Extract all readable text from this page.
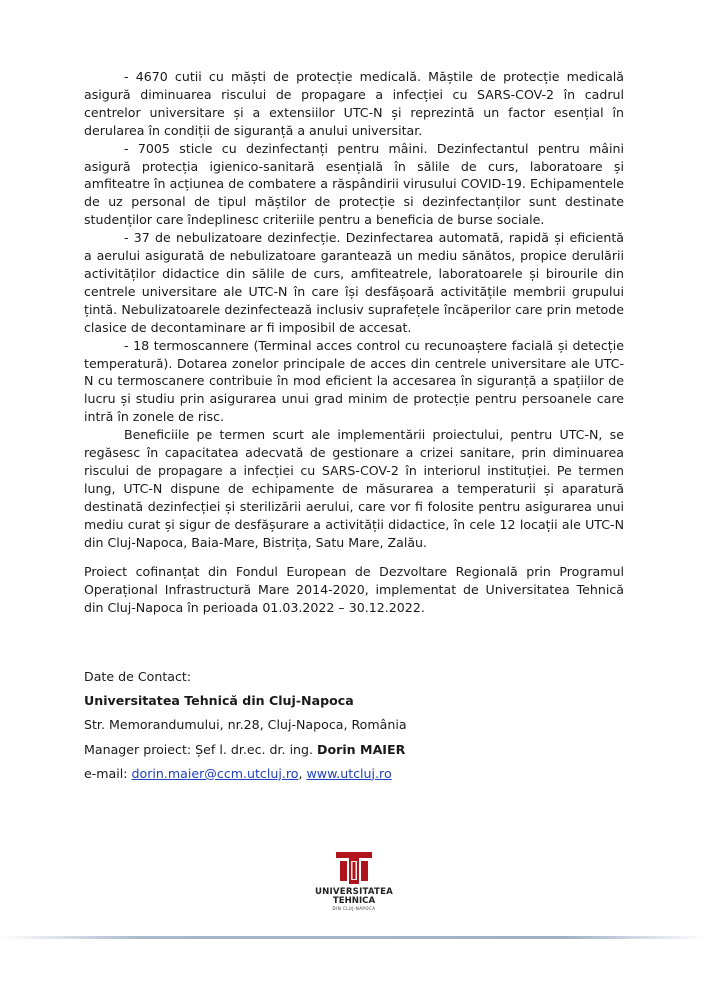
- 4670 cutii cu măști de protecție medicală. Măștile de protecție medicală asigură diminuarea riscului de propagare a infecției cu SARS-COV-2 în cadrul centrelor universitare și a extensiilor UTC-N și reprezintă un factor esențial în derularea în condiții de siguranță a anului universitar.

- 7005 sticle cu dezinfectanți pentru mâini. Dezinfectantul pentru mâini asigură protecția igienico-sanitară esențială în sălile de curs, laboratoare și amfiteatre în acțiunea de combatere a răspândirii virusului COVID-19. Echipamentele de uz personal de tipul măștilor de protecție si dezinfectanților sunt destinate studenților care îndeplinesc criteriile pentru a beneficia de burse sociale.

- 37 de nebulizatoare dezinfecție. Dezinfectarea automată, rapidă și eficientă a aerului asigurată de nebulizatoare garantează un mediu sănătos, propice derulării activităților didactice din sălile de curs, amfiteatrele, laboratoarele și birourile din centrele universitare ale UTC-N în care își desfășoară activitățile membrii grupului țintă. Nebulizatoarele dezinfectează inclusiv suprafețele încăperilor care prin metode clasice de decontaminare ar fi imposibil de accesat.

- 18 termoscannere (Terminal acces control cu recunoaștere facială și detecție temperatură). Dotarea zonelor principale de acces din centrele universitare ale UTC-N cu termoscanere contribuie în mod eficient la accesarea în siguranță a spațiilor de lucru și studiu prin asigurarea unui grad minim de protecție pentru persoanele care intră în zonele de risc.

Beneficiile pe termen scurt ale implementării proiectului, pentru UTC-N, se regăsesc în capacitatea adecvată de gestionare a crizei sanitare, prin diminuarea riscului de propagare a infecției cu SARS-COV-2 în interiorul instituției. Pe termen lung, UTC-N dispune de echipamente de măsurarea a temperaturii și aparatură destinată dezinfecției și sterilizării aerului, care vor fi folosite pentru asigurarea unui mediu curat și sigur de desfășurare a activității didactice, în cele 12 locații ale UTC-N din Cluj-Napoca, Baia-Mare, Bistrița, Satu Mare, Zalău.

Proiect cofinanțat din Fondul European de Dezvoltare Regională prin Programul Operațional Infrastructură Mare 2014-2020, implementat de Universitatea Tehnică din Cluj-Napoca în perioada 01.03.2022 – 30.12.2022.

Date de Contact:
Universitatea Tehnică din Cluj-Napoca
Str. Memorandumului, nr.28, Cluj-Napoca, România
Manager proiect: Șef l. dr.ec. dr. ing. Dorin MAIER
e-mail: dorin.maier@ccm.utcluj.ro, www.utcluj.ro
UNIVERSITATEA
TEHNICA
DIN CLUJ-NAPOCA
